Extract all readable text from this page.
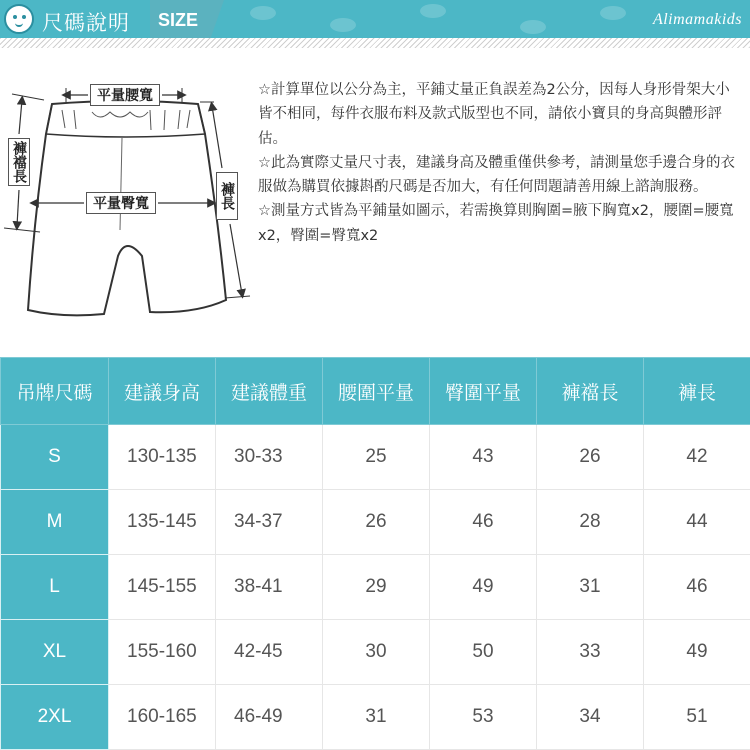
尺碼說明 SIZE	Alimamakids
平量腰寬
平量臀寬
褲襠長
褲長

☆計算單位以公分為主，平鋪丈量正負誤差為2公分，因每人身形骨架大小皆不相同，每件衣服布料及款式版型也不同，請依小寶貝的身高與體形評估。

☆此為實際丈量尺寸表，建議身高及體重僅供參考，請測量您手邊合身的衣服做為購買依據斟酌尺碼是否加大，有任何問題請善用線上諮詢服務。

☆測量方式皆為平鋪量如圖示，若需換算則胸圍=腋下胸寬x2，腰圍=腰寬x2，臀圍=臀寬x2

吊牌尺碼	建議身高	建議體重	腰圍平量	臀圍平量	褲襠長	褲長
S	130-135	30-33	25	43	26	42
M	135-145	34-37	26	46	28	44
L	145-155	38-41	29	49	31	46
XL	155-160	42-45	30	50	33	49
2XL	160-165	46-49	31	53	34	51
